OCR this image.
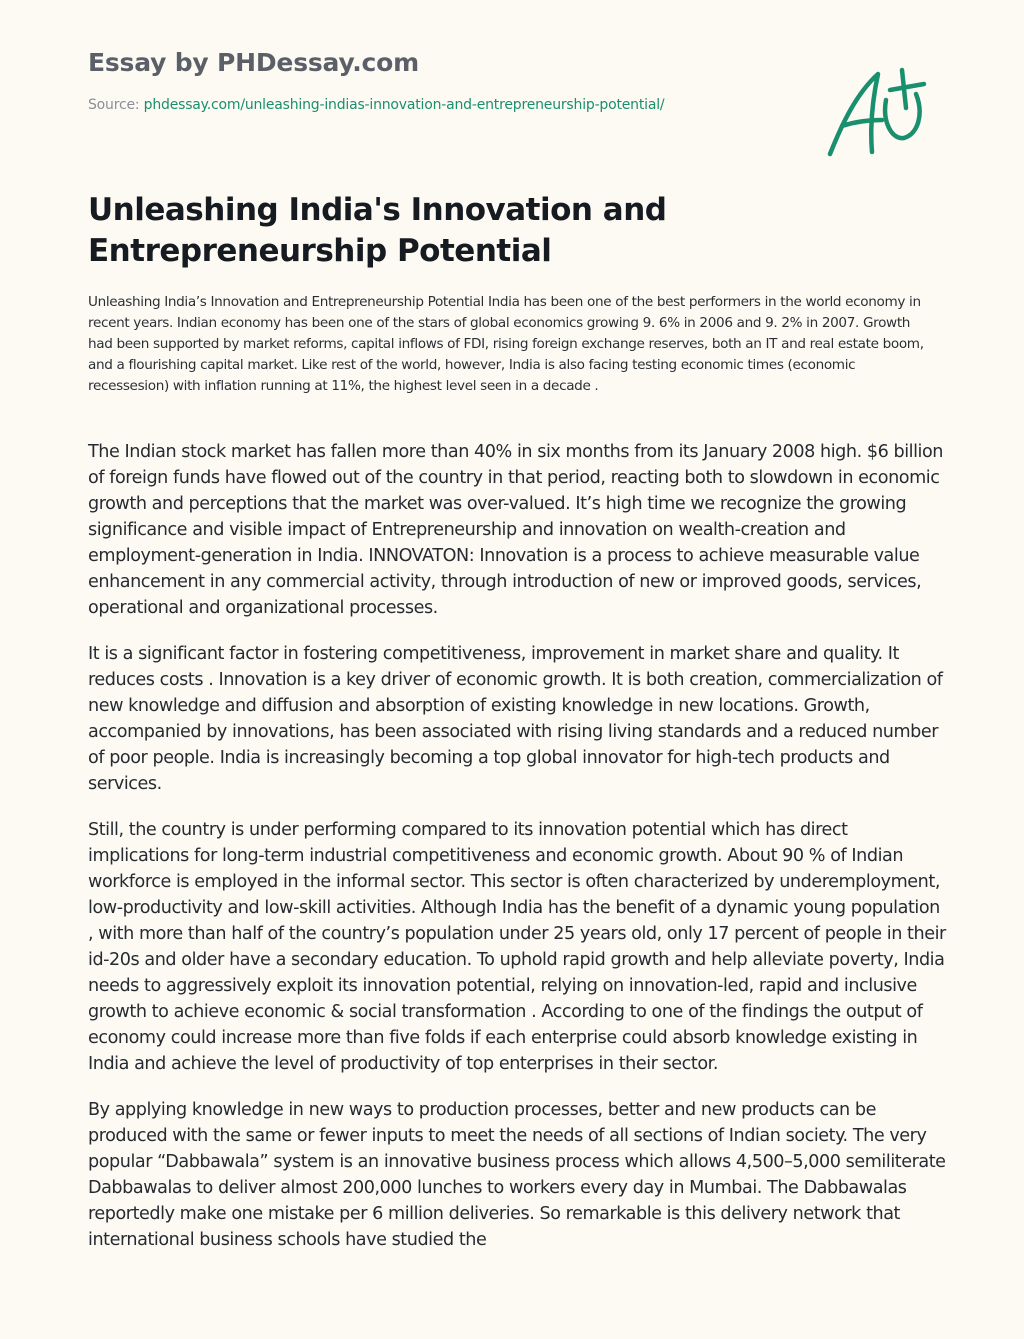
Essay by PHDessay.com
Source: phdessay.com/unleashing-indias-innovation-and-entrepreneurship-potential/
Unleashing India's Innovation and Entrepreneurship Potential

Unleashing India’s Innovation and Entrepreneurship Potential India has been one of the best performers in the world economy in recent years. Indian economy has been one of the stars of global economics growing 9. 6% in 2006 and 9. 2% in 2007. Growth had been supported by market reforms, capital inflows of FDI, rising foreign exchange reserves, both an IT and real estate boom, and a flourishing capital market. Like rest of the world, however, India is also facing testing economic times (economic recessesion) with inflation running at 11%, the highest level seen in a decade .

The Indian stock market has fallen more than 40% in six months from its January 2008 high. $6 billion of foreign funds have flowed out of the country in that period, reacting both to slowdown in economic growth and perceptions that the market was over-valued. It’s high time we recognize the growing significance and visible impact of Entrepreneurship and innovation on wealth-creation and employment-generation in India. INNOVATON: Innovation is a process to achieve measurable value enhancement in any commercial activity, through introduction of new or improved goods, services, operational and organizational processes.

It is a significant factor in fostering competitiveness, improvement in market share and quality. It reduces costs . Innovation is a key driver of economic growth. It is both creation, commercialization of new knowledge and diffusion and absorption of existing knowledge in new locations. Growth, accompanied by innovations, has been associated with rising living standards and a reduced number of poor people. India is increasingly becoming a top global innovator for high-tech products and services.

Still, the country is under performing compared to its innovation potential which has direct implications for long-term industrial competitiveness and economic growth. About 90 % of Indian workforce is employed in the informal sector. This sector is often characterized by underemployment, low-productivity and low-skill activities. Although India has the benefit of a dynamic young population , with more than half of the country’s population under 25 years old, only 17 percent of people in their id-20s and older have a secondary education. To uphold rapid growth and help alleviate poverty, India needs to aggressively exploit its innovation potential, relying on innovation-led, rapid and inclusive growth to achieve economic & social transformation . According to one of the findings the output of economy could increase more than five folds if each enterprise could absorb knowledge existing in India and achieve the level of productivity of top enterprises in their sector.

By applying knowledge in new ways to production processes, better and new products can be produced with the same or fewer inputs to meet the needs of all sections of Indian society. The very popular “Dabbawala” system is an innovative business process which allows 4,500–5,000 semiliterate Dabbawalas to deliver almost 200,000 lunches to workers every day in Mumbai. The Dabbawalas reportedly make one mistake per 6 million deliveries. So remarkable is this delivery network that international business schools have studied the
